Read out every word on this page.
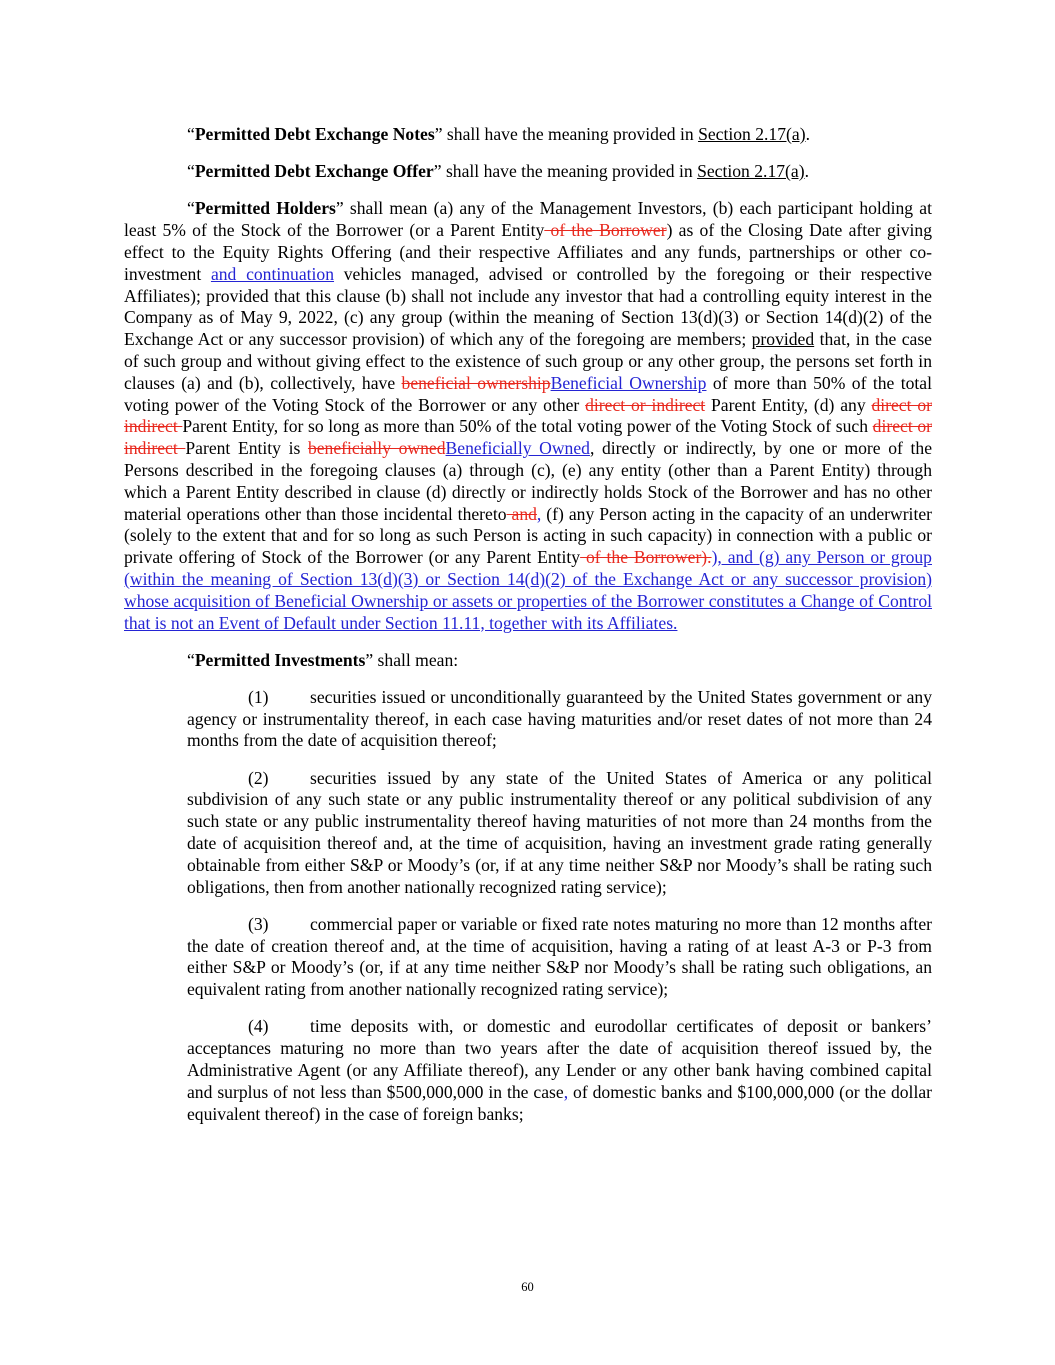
“Permitted Debt Exchange Notes” shall have the meaning provided in Section 2.17(a).

“Permitted Debt Exchange Offer” shall have the meaning provided in Section 2.17(a).

“Permitted Holders” shall mean (a) any of the Management Investors, (b) each participant holding at least 5% of the Stock of the Borrower (or a Parent Entity of the Borrower) as of the Closing Date after giving effect to the Equity Rights Offering (and their respective Affiliates and any funds, partnerships or other co-investment and continuation vehicles managed, advised or controlled by the foregoing or their respective Affiliates); provided that this clause (b) shall not include any investor that had a controlling equity interest in the Company as of May 9, 2022, (c) any group (within the meaning of Section 13(d)(3) or Section 14(d)(2) of the Exchange Act or any successor provision) of which any of the foregoing are members; provided that, in the case of such group and without giving effect to the existence of such group or any other group, the persons set forth in clauses (a) and (b), collectively, have beneficial ownershipBeneficial Ownership of more than 50% of the total voting power of the Voting Stock of the Borrower or any other direct or indirect Parent Entity, (d) any direct or indirect Parent Entity, for so long as more than 50% of the total voting power of the Voting Stock of such direct or indirect Parent Entity is beneficially ownedBeneficially Owned, directly or indirectly, by one or more of the Persons described in the foregoing clauses (a) through (c), (e) any entity (other than a Parent Entity) through which a Parent Entity described in clause (d) directly or indirectly holds Stock of the Borrower and has no other material operations other than those incidental thereto and, (f) any Person acting in the capacity of an underwriter (solely to the extent that and for so long as such Person is acting in such capacity) in connection with a public or private offering of Stock of the Borrower (or any Parent Entity of the Borrower).), and (g) any Person or group (within the meaning of Section 13(d)(3) or Section 14(d)(2) of the Exchange Act or any successor provision) whose acquisition of Beneficial Ownership or assets or properties of the Borrower constitutes a Change of Control that is not an Event of Default under Section 11.11, together with its Affiliates.

“Permitted Investments” shall mean:

(1) securities issued or unconditionally guaranteed by the United States government or any agency or instrumentality thereof, in each case having maturities and/or reset dates of not more than 24 months from the date of acquisition thereof;

(2) securities issued by any state of the United States of America or any political subdivision of any such state or any public instrumentality thereof or any political subdivision of any such state or any public instrumentality thereof having maturities of not more than 24 months from the date of acquisition thereof and, at the time of acquisition, having an investment grade rating generally obtainable from either S&P or Moody’s (or, if at any time neither S&P nor Moody’s shall be rating such obligations, then from another nationally recognized rating service);

(3) commercial paper or variable or fixed rate notes maturing no more than 12 months after the date of creation thereof and, at the time of acquisition, having a rating of at least A-3 or P-3 from either S&P or Moody’s (or, if at any time neither S&P nor Moody’s shall be rating such obligations, an equivalent rating from another nationally recognized rating service);

(4) time deposits with, or domestic and eurodollar certificates of deposit or bankers’ acceptances maturing no more than two years after the date of acquisition thereof issued by, the Administrative Agent (or any Affiliate thereof), any Lender or any other bank having combined capital and surplus of not less than $500,000,000 in the case, of domestic banks and $100,000,000 (or the dollar equivalent thereof) in the case of foreign banks;

60
